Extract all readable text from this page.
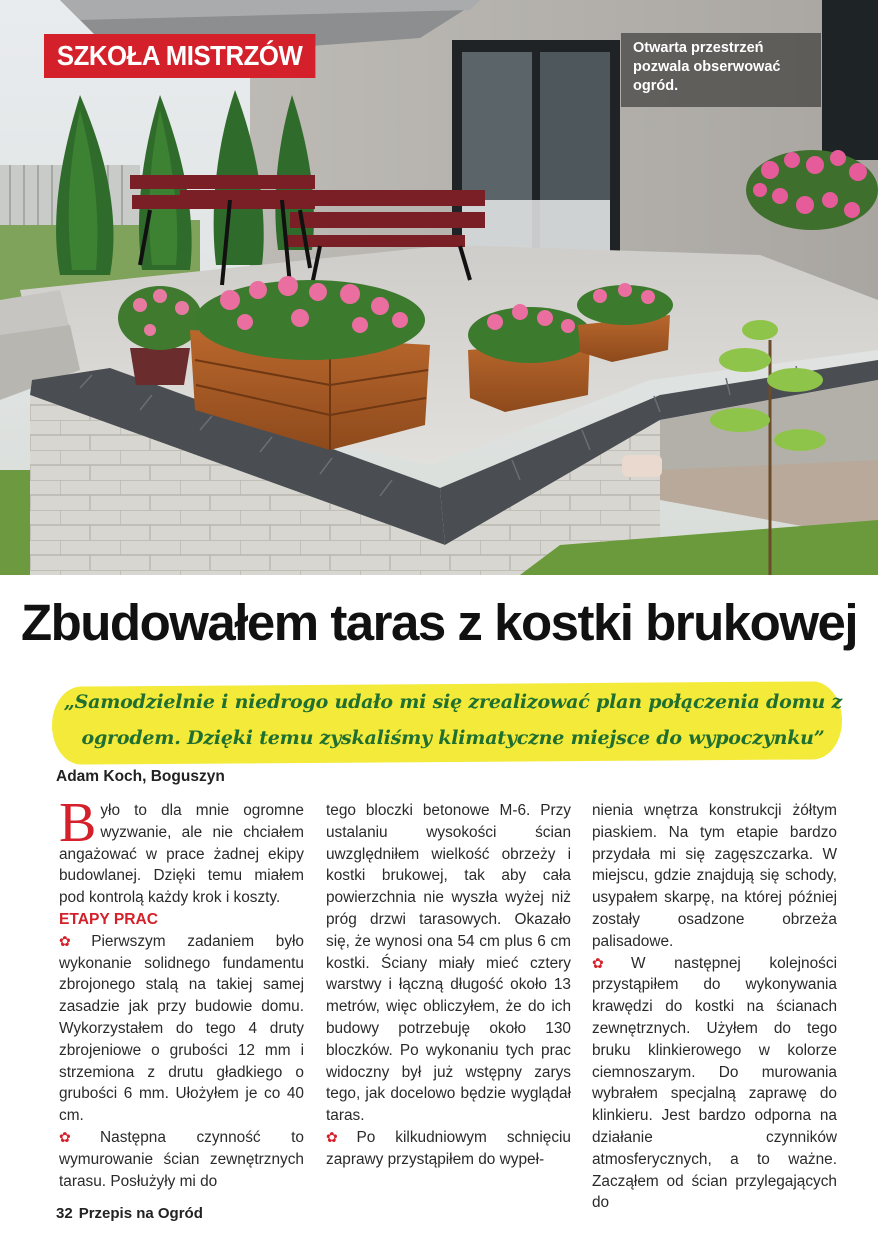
SZKOŁA MISTRZÓW	Otwarta przestrzeń pozwala obserwować ogród.
Zbudowałem taras z kostki brukowej
„Samodzielnie i niedrogo udało mi się zrealizować plan połączenia domu z ogrodem. Dzięki temu zyskaliśmy klimatyczne miejsce do wypoczynku”
Adam Koch, Boguszyn

Było to dla mnie ogromne wyzwanie, ale nie chciałem angażować w prace żadnej ekipy budowlanej. Dzięki temu miałem pod kontrolą każdy krok i koszty.

ETAPY PRAC

✿ Pierwszym zadaniem było wykonanie solidnego fundamentu zbrojonego stalą na takiej samej zasadzie jak przy budowie domu. Wykorzystałem do tego 4 druty zbrojeniowe o grubości 12 mm i strzemiona z drutu gładkiego o grubości 6 mm. Ułożyłem je co 40 cm.

✿ Następna czynność to wymurowanie ścian zewnętrznych tarasu. Posłużyły mi do

tego bloczki betonowe M-6. Przy ustalaniu wysokości ścian uwzględniłem wielkość obrzeży i kostki brukowej, tak aby cała powierzchnia nie wyszła wyżej niż próg drzwi tarasowych. Okazało się, że wynosi ona 54 cm plus 6 cm kostki. Ściany miały mieć cztery warstwy i łączną długość około 13 metrów, więc obliczyłem, że do ich budowy potrzebuję około 130 bloczków. Po wykonaniu tych prac widoczny był już wstępny zarys tego, jak docelowo będzie wyglądał taras.

✿ Po kilkudniowym schnięciu zaprawy przystąpiłem do wypeł-

nienia wnętrza konstrukcji żółtym piaskiem. Na tym etapie bardzo przydała mi się zagęszczarka. W miejscu, gdzie znajdują się schody, usypałem skarpę, na której później zostały osadzone obrzeża palisadowe.

✿ W następnej kolejności przystąpiłem do wykonywania krawędzi do kostki na ścianach zewnętrznych. Użyłem do tego bruku klinkierowego w kolorze ciemnoszarym. Do murowania wybrałem specjalną zaprawę do klinkieru. Jest bardzo odporna na działanie czynników atmosferycznych, a to ważne. Zacząłem od ścian przylegających do

32 Przepis na Ogród
